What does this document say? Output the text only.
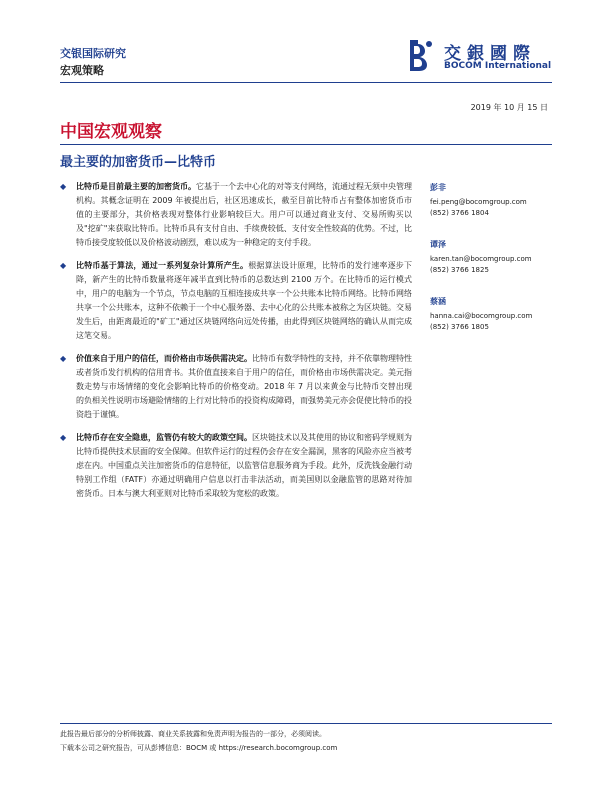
交银国际研究
宏观策略
交銀國際
BOCOM International
2019 年 10 月 15 日
中国宏观观察
最主要的加密货币—比特币
◆ 比特币是目前最主要的加密货币。它基于一个去中心化的对等支付网络，流通过程无须中央管理机构。其概念证明在 2009 年被提出后，社区迅速成长，截至目前比特币占有整体加密货币市值的主要部分，其价格表现对整体行业影响较巨大。用户可以通过商业支付、交易所购买以及"挖矿"来获取比特币。比特币具有支付自由、手续费较低、支付安全性较高的优势。不过，比特币接受度较低以及价格波动剧烈，难以成为一种稳定的支付手段。
◆ 比特币基于算法，通过一系列复杂计算所产生。根据算法设计原理，比特币的发行速率逐步下降，新产生的比特币数量将逐年减半直到比特币的总数达到 2100 万个。在比特币的运行模式中，用户的电脑为一个节点，节点电脑的互相连接成共享一个公共账本比特币网络。比特币网络共享一个公共账本，这种不依赖于一个中心服务器、去中心化的公共账本被称之为区块链。交易发生后，由距离最近的"矿工"通过区块链网络向远处传播，由此得到区块链网络的确认从而完成这笔交易。
◆ 价值来自于用户的信任，而价格由市场供需决定。比特币有数学特性的支持，并不依靠物理特性或者货币发行机构的信用背书。其价值直接来自于用户的信任，而价格由市场供需决定。美元指数走势与市场情绪的变化会影响比特币的价格变动。2018 年 7 月以来黄金与比特币交替出现的负相关性说明市场避险情绪的上行对比特币的投资构成障碍，而强势美元亦会促使比特币的投资趋于谨慎。
◆ 比特币存在安全隐患，监管仍有较大的政策空间。区块链技术以及其使用的协议和密码学规则为比特币提供技术层面的安全保障。但软件运行的过程仍会存在安全漏洞，黑客的风险亦应当被考虑在内。中国重点关注加密货币的信息特征，以监管信息服务商为手段。此外，反洗钱金融行动特别工作组（FATF）亦通过明确用户信息以打击非法活动，而美国则以金融监管的思路对待加密货币。日本与澳大利亚则对比特币采取较为宽松的政策。
彭非
fei.peng@bocomgroup.com
(852) 3766 1804
谭泽
karen.tan@bocomgroup.com
(852) 3766 1825
蔡涵
hanna.cai@bocomgroup.com
(852) 3766 1805
此报告最后部分的分析师披露、商业关系披露和免责声明为报告的一部分，必须阅读。
下载本公司之研究报告，可从彭博信息：BOCM 或 https://research.bocomgroup.com
